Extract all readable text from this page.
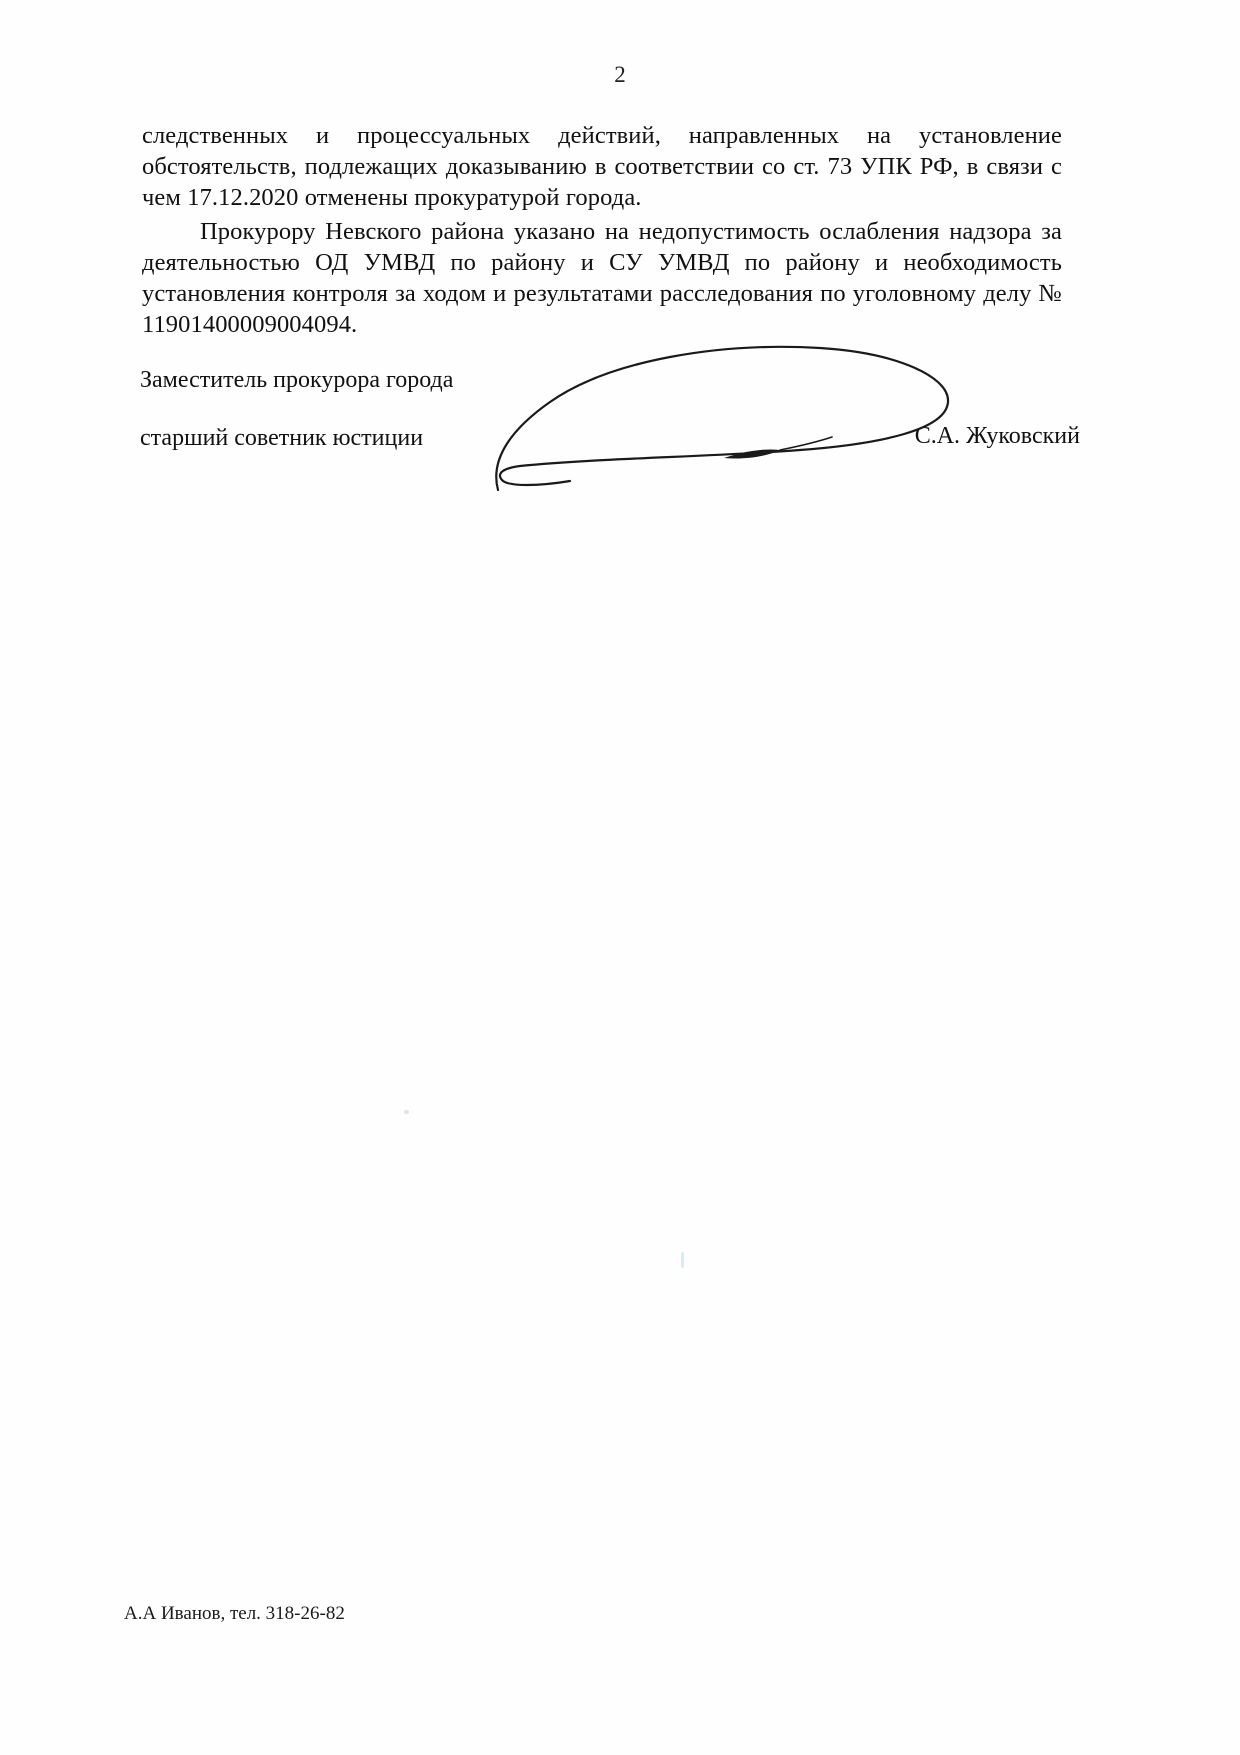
2

следственных и процессуальных действий, направленных на установление обстоятельств, подлежащих доказыванию в соответствии со ст. 73 УПК РФ, в связи с чем 17.12.2020 отменены прокуратурой города.

Прокурору Невского района указано на недопустимость ослабления надзора за деятельностью ОД УМВД по району и СУ УМВД по району и необходимость установления контроля за ходом и результатами расследования по уголовному делу № 11901400009004094.

Заместитель прокурора города
старший советник юстиции	С.А. Жуковский
А.А Иванов, тел. 318-26-82
